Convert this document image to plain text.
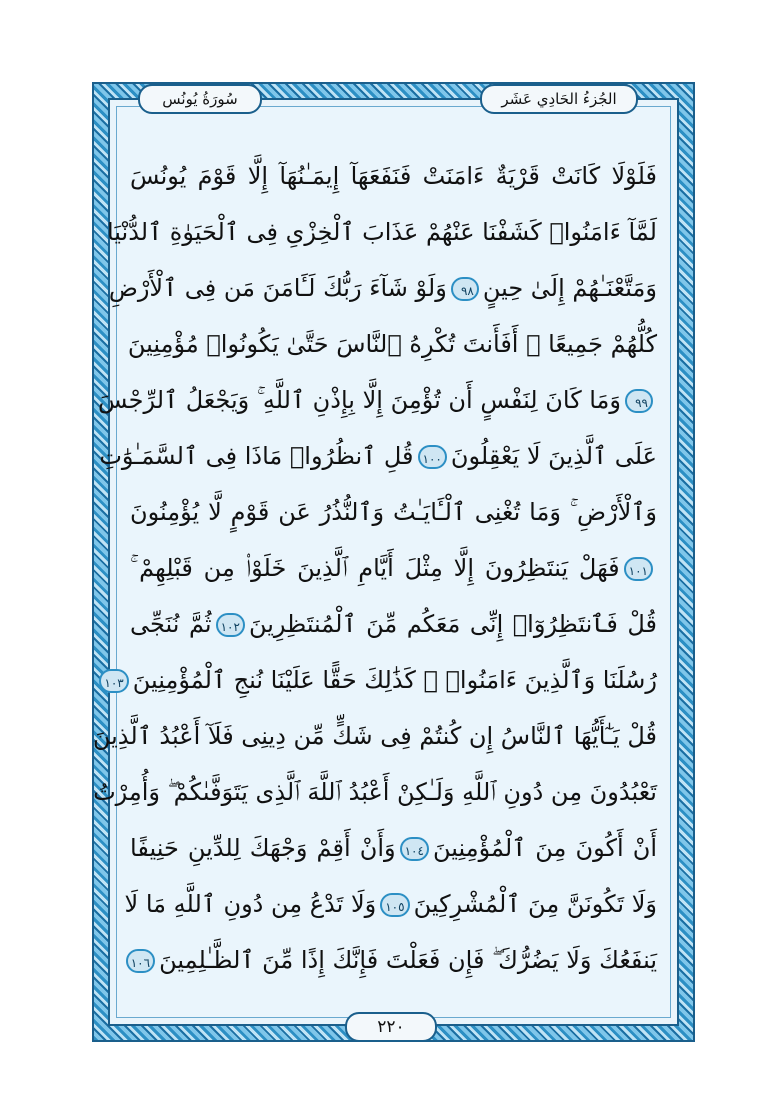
الجُزءُ الحَادِي عَشَر
سُورَةُ يُونُس
فَلَوْلَا كَانَتْ قَرْيَةٌ ءَامَنَتْ فَنَفَعَهَآ إِيمَـٰنُهَآ إِلَّا قَوْمَ يُونُسَ
لَمَّآ ءَامَنُوا۟ كَشَفْنَا عَنْهُمْ عَذَابَ ٱلْخِزْىِ فِى ٱلْحَيَوٰةِ ٱلدُّنْيَا
وَمَتَّعْنَـٰهُمْ إِلَىٰ حِينٍ٩٨وَلَوْ شَآءَ رَبُّكَ لَـَٔامَنَ مَن فِى ٱلْأَرْضِ
كُلُّهُمْ جَمِيعًا ۚ أَفَأَنتَ تُكْرِهُ ٱلنَّاسَ حَتَّىٰ يَكُونُوا۟ مُؤْمِنِينَ
٩٩وَمَا كَانَ لِنَفْسٍ أَن تُؤْمِنَ إِلَّا بِإِذْنِ ٱللَّهِ ۚ وَيَجْعَلُ ٱلرِّجْسَ
عَلَى ٱلَّذِينَ لَا يَعْقِلُونَ١٠٠قُلِ ٱنظُرُوا۟ مَاذَا فِى ٱلسَّمَـٰوَٰتِ
وَٱلْأَرْضِ ۚ وَمَا تُغْنِى ٱلْـَٔايَـٰتُ وَٱلنُّذُرُ عَن قَوْمٍ لَّا يُؤْمِنُونَ
١٠١فَهَلْ يَنتَظِرُونَ إِلَّا مِثْلَ أَيَّامِ ٱلَّذِينَ خَلَوْا۟ مِن قَبْلِهِمْ ۚ
قُلْ فَٱنتَظِرُوٓا۟ إِنِّى مَعَكُم مِّنَ ٱلْمُنتَظِرِينَ١٠٢ثُمَّ نُنَجِّى
رُسُلَنَا وَٱلَّذِينَ ءَامَنُوا۟ ۚ كَذَٰلِكَ حَقًّا عَلَيْنَا نُنجِ ٱلْمُؤْمِنِينَ١٠٣
قُلْ يَـٰٓأَيُّهَا ٱلنَّاسُ إِن كُنتُمْ فِى شَكٍّ مِّن دِينِى فَلَآ أَعْبُدُ ٱلَّذِينَ
تَعْبُدُونَ مِن دُونِ ٱللَّهِ وَلَـٰكِنْ أَعْبُدُ ٱللَّهَ ٱلَّذِى يَتَوَفَّىٰكُمْ ۖ وَأُمِرْتُ
أَنْ أَكُونَ مِنَ ٱلْمُؤْمِنِينَ١٠٤وَأَنْ أَقِمْ وَجْهَكَ لِلدِّينِ حَنِيفًا
وَلَا تَكُونَنَّ مِنَ ٱلْمُشْرِكِينَ١٠٥وَلَا تَدْعُ مِن دُونِ ٱللَّهِ مَا لَا
يَنفَعُكَ وَلَا يَضُرُّكَ ۖ فَإِن فَعَلْتَ فَإِنَّكَ إِذًا مِّنَ ٱلظَّـٰلِمِينَ١٠٦
٢٢٠
